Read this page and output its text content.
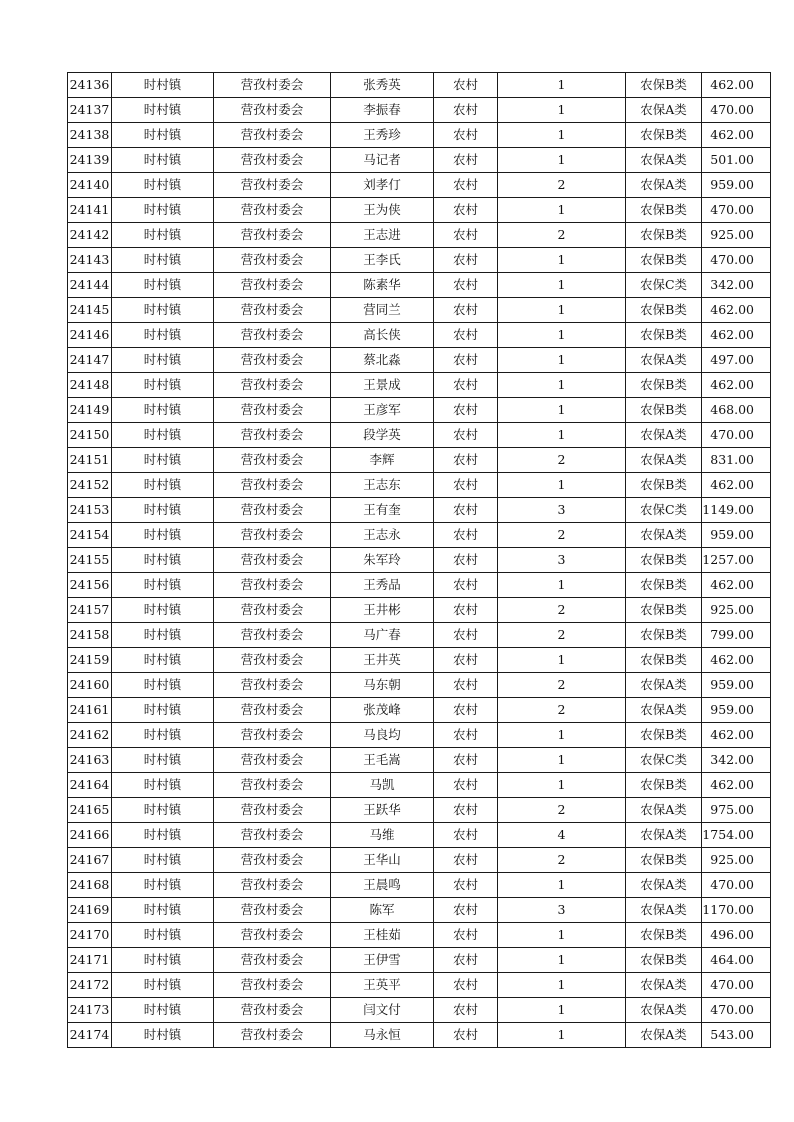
24136	时村镇	营孜村委会	张秀英	农村	1	农保B类	462.00
24137	时村镇	营孜村委会	李振春	农村	1	农保A类	470.00
24138	时村镇	营孜村委会	王秀珍	农村	1	农保B类	462.00
24139	时村镇	营孜村委会	马记者	农村	1	农保A类	501.00
24140	时村镇	营孜村委会	刘孝仃	农村	2	农保A类	959.00
24141	时村镇	营孜村委会	王为侠	农村	1	农保B类	470.00
24142	时村镇	营孜村委会	王志进	农村	2	农保B类	925.00
24143	时村镇	营孜村委会	王李氏	农村	1	农保B类	470.00
24144	时村镇	营孜村委会	陈素华	农村	1	农保C类	342.00
24145	时村镇	营孜村委会	营同兰	农村	1	农保B类	462.00
24146	时村镇	营孜村委会	高长侠	农村	1	农保B类	462.00
24147	时村镇	营孜村委会	蔡北淼	农村	1	农保A类	497.00
24148	时村镇	营孜村委会	王景成	农村	1	农保B类	462.00
24149	时村镇	营孜村委会	王彦军	农村	1	农保B类	468.00
24150	时村镇	营孜村委会	段学英	农村	1	农保A类	470.00
24151	时村镇	营孜村委会	李辉	农村	2	农保A类	831.00
24152	时村镇	营孜村委会	王志东	农村	1	农保B类	462.00
24153	时村镇	营孜村委会	王有奎	农村	3	农保C类	1149.00
24154	时村镇	营孜村委会	王志永	农村	2	农保A类	959.00
24155	时村镇	营孜村委会	朱军玲	农村	3	农保B类	1257.00
24156	时村镇	营孜村委会	王秀品	农村	1	农保B类	462.00
24157	时村镇	营孜村委会	王井彬	农村	2	农保B类	925.00
24158	时村镇	营孜村委会	马广春	农村	2	农保B类	799.00
24159	时村镇	营孜村委会	王井英	农村	1	农保B类	462.00
24160	时村镇	营孜村委会	马东朝	农村	2	农保A类	959.00
24161	时村镇	营孜村委会	张茂峰	农村	2	农保A类	959.00
24162	时村镇	营孜村委会	马良均	农村	1	农保B类	462.00
24163	时村镇	营孜村委会	王毛嵩	农村	1	农保C类	342.00
24164	时村镇	营孜村委会	马凯	农村	1	农保B类	462.00
24165	时村镇	营孜村委会	王跃华	农村	2	农保A类	975.00
24166	时村镇	营孜村委会	马维	农村	4	农保A类	1754.00
24167	时村镇	营孜村委会	王华山	农村	2	农保B类	925.00
24168	时村镇	营孜村委会	王晨鸣	农村	1	农保A类	470.00
24169	时村镇	营孜村委会	陈军	农村	3	农保A类	1170.00
24170	时村镇	营孜村委会	王桂茹	农村	1	农保B类	496.00
24171	时村镇	营孜村委会	王伊雪	农村	1	农保B类	464.00
24172	时村镇	营孜村委会	王英平	农村	1	农保A类	470.00
24173	时村镇	营孜村委会	闫文付	农村	1	农保A类	470.00
24174	时村镇	营孜村委会	马永恒	农村	1	农保A类	543.00
